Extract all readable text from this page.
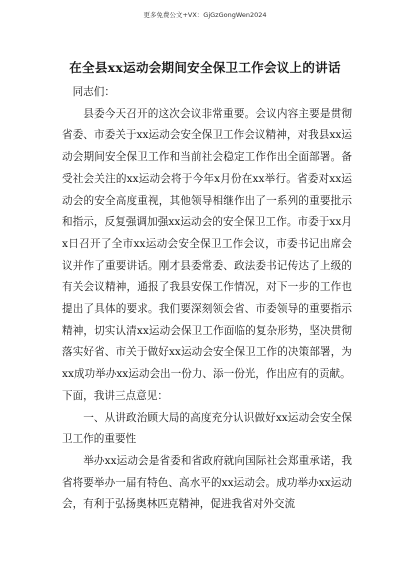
更多免费公文+VX：GjGzGongWen2024
在全县xx运动会期间安全保卫工作会议上的讲话

同志们：

县委今天召开的这次会议非常重要。会议内容主要是贯彻省委、市委关于xx运动会安全保卫工作会议精神，对我县xx运动会期间安全保卫工作和当前社会稳定工作作出全面部署。备受社会关注的xx运动会将于今年x月份在xx举行。省委对xx运动会的安全高度重视，其他领导相继作出了一系列的重要批示和指示，反复强调加强xx运动会的安全保卫工作。市委于xx月x日召开了全市xx运动会安全保卫工作会议，市委书记出席会议并作了重要讲话。刚才县委常委、政法委书记传达了上级的有关会议精神，通报了我县安保工作情况，对下一步的工作也提出了具体的要求。我们要深刻领会省、市委领导的重要指示精神，切实认清xx运动会保卫工作面临的复杂形势，坚决贯彻落实好省、市关于做好xx运动会安全保卫工作的决策部署，为xx成功举办xx运动会出一份力、添一份光，作出应有的贡献。

下面，我讲三点意见：

一、从讲政治顾大局的高度充分认识做好xx运动会安全保卫工作的重要性

举办xx运动会是省委和省政府就向国际社会郑重承诺，我省将要举办一届有特色、高水平的xx运动会。成功举办xx运动会，有利于弘扬奥林匹克精神，促进我省对外交流
